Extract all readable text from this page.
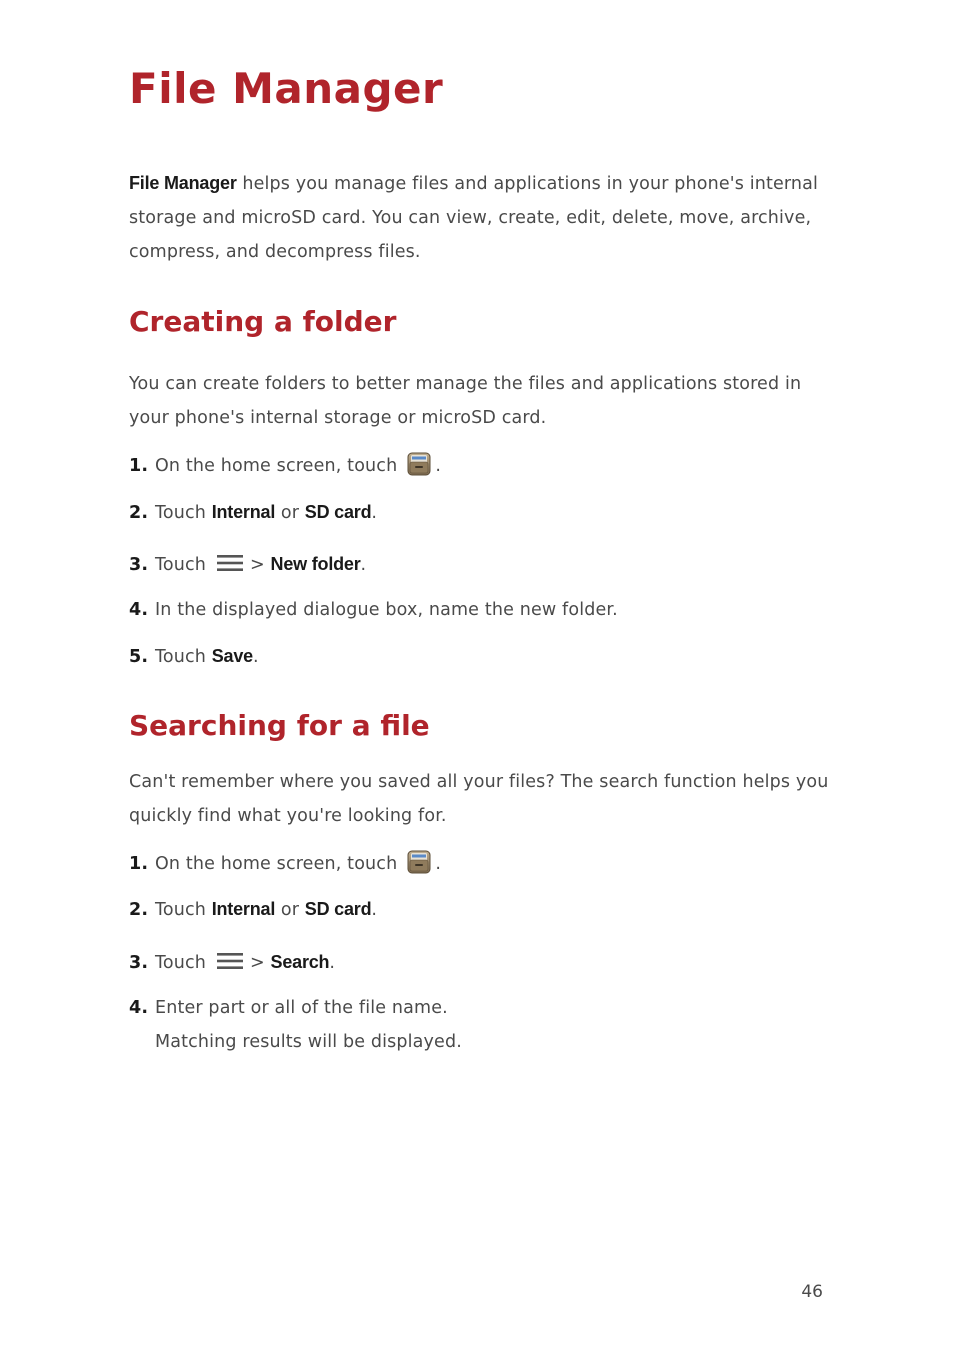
File Manager

File Manager helps you manage files and applications in your phone's internal storage and microSD card. You can view, create, edit, delete, move, archive, compress, and decompress files.

Creating a folder

You can create folders to better manage the files and applications stored in your phone's internal storage or microSD card.

1. On the home screen, touch .
2. Touch Internal or SD card.
3. Touch	> New folder.
4. In the displayed dialogue box, name the new folder.
5. Touch Save.
Searching for a file

Can't remember where you saved all your files? The search function helps you quickly find what you're looking for.

1. On the home screen, touch .
2. Touch Internal or SD card.
3. Touch	> Search.
4. Enter part or all of the file name.
Matching results will be displayed.
46
